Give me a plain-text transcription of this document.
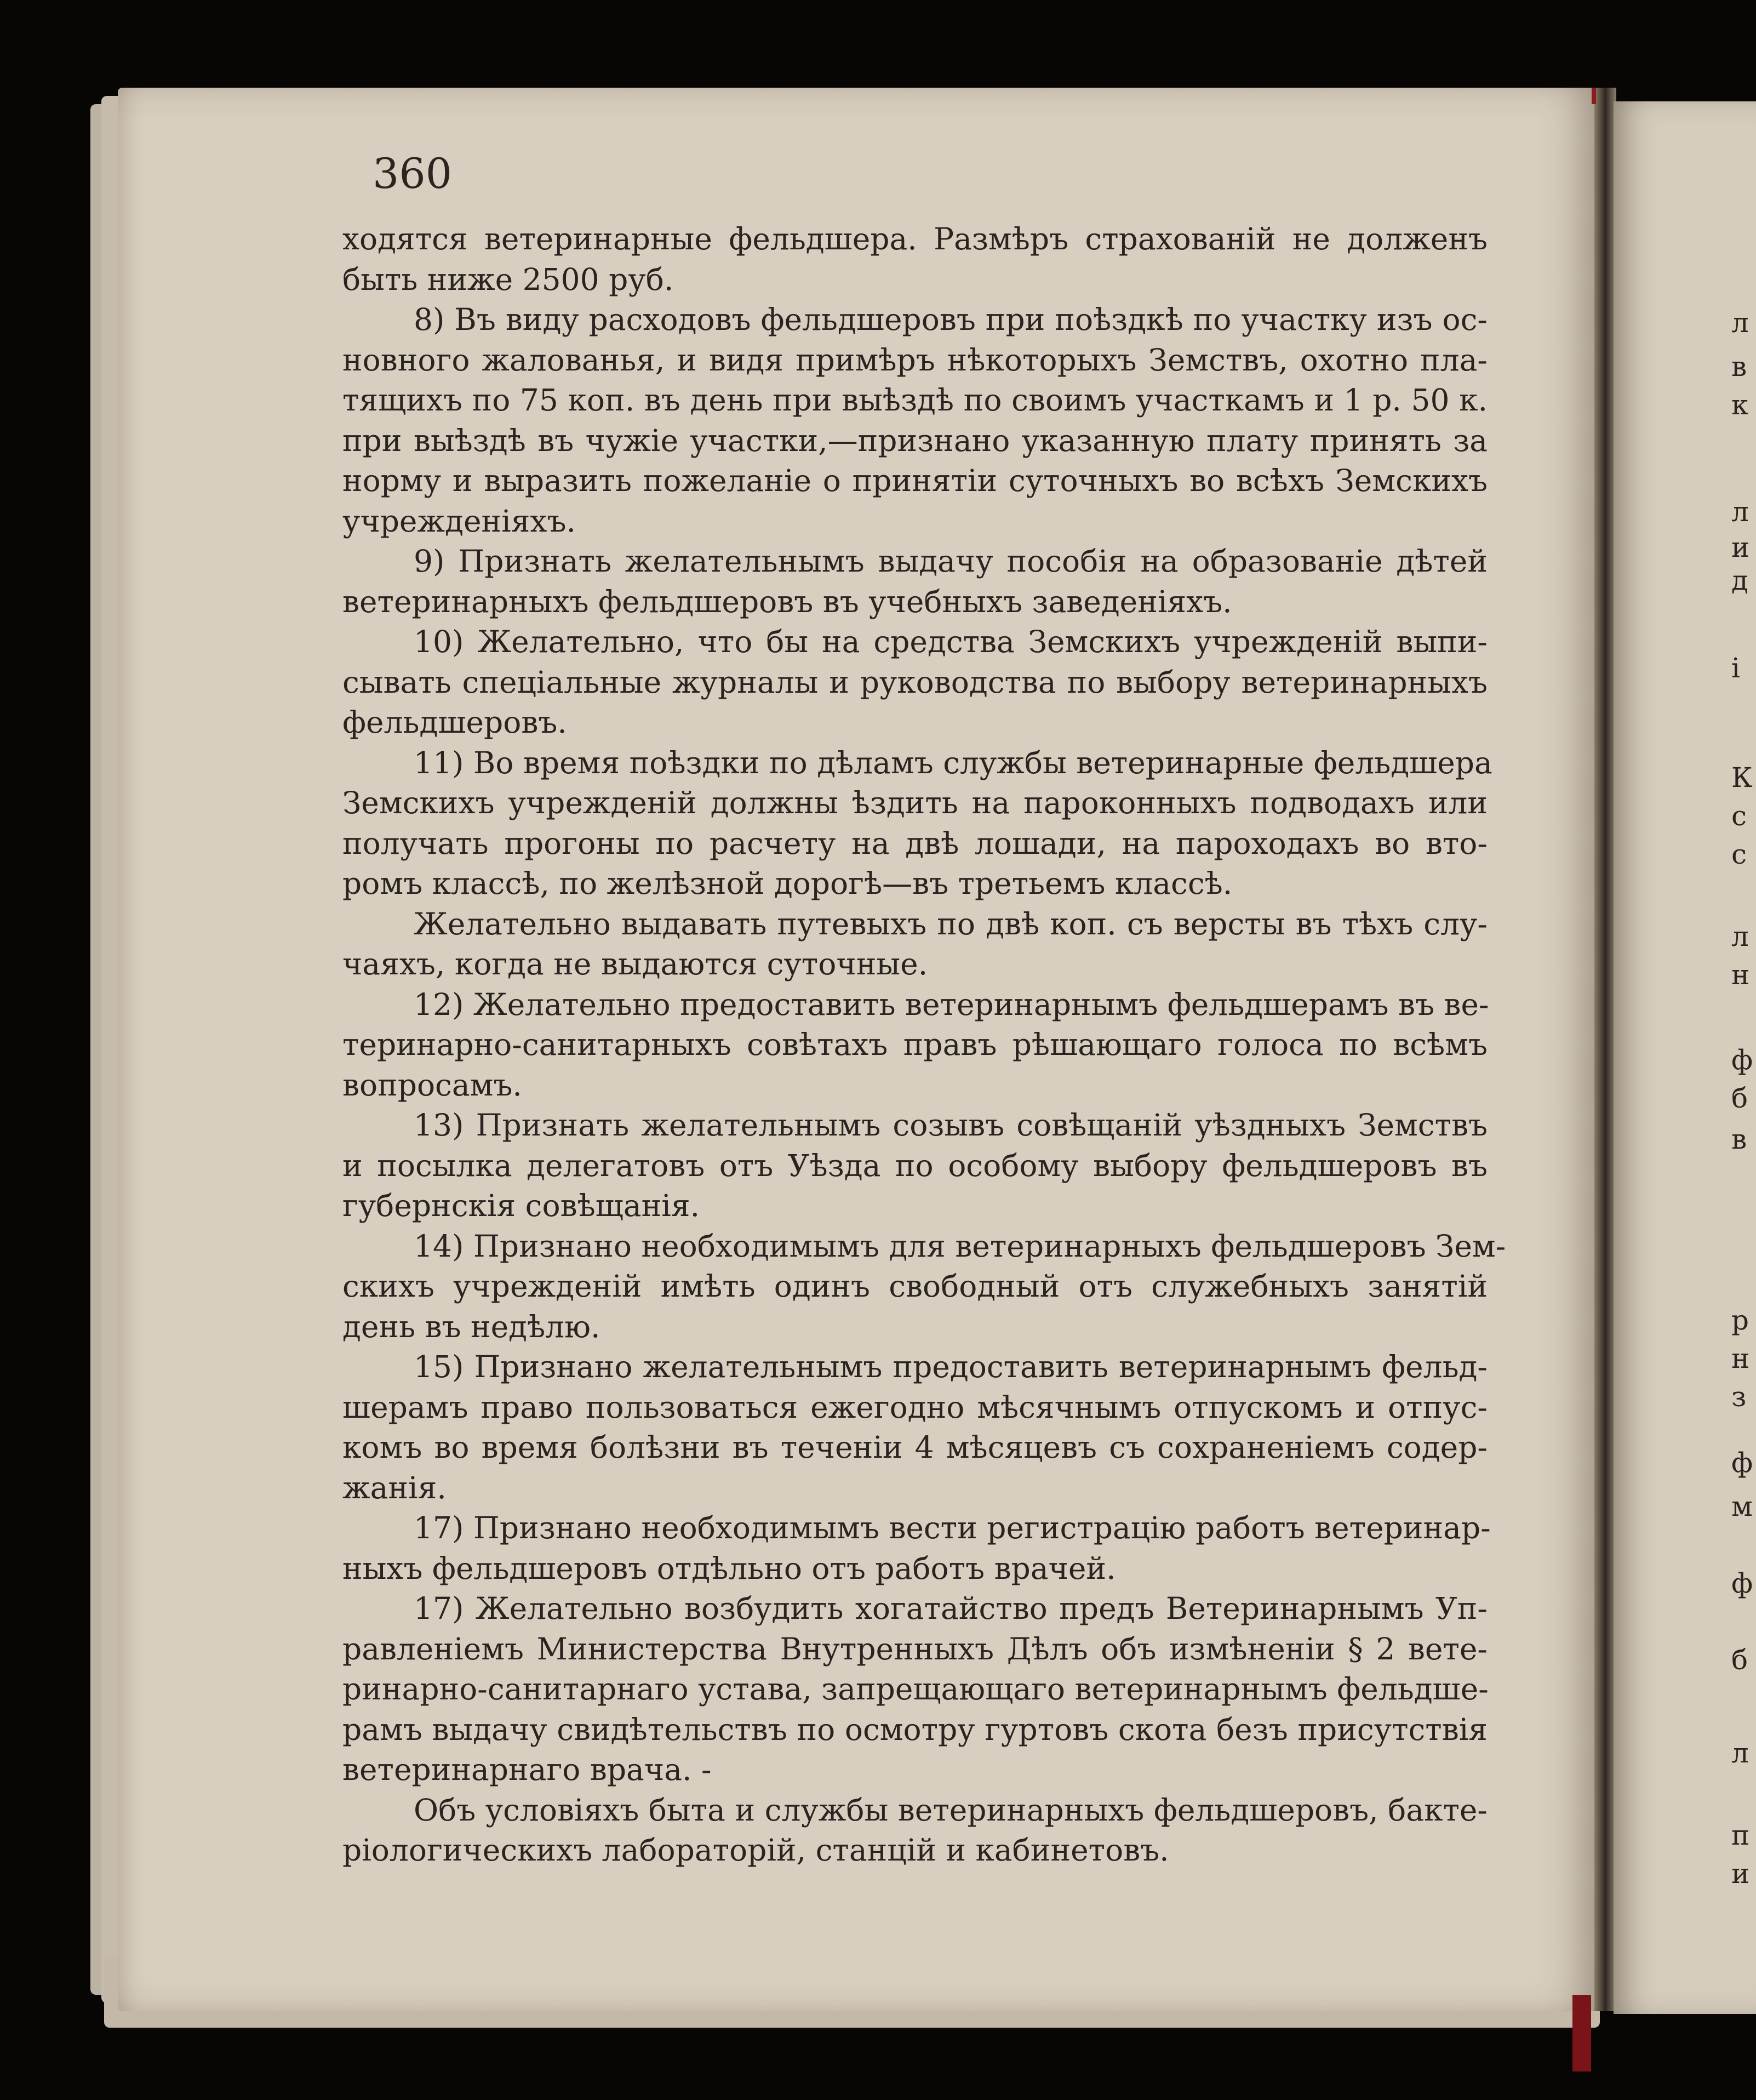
360
ходятся ветеринарные фельдшера. Размѣръ страхованій не долженъ
быть ниже 2500 руб.
8) Въ виду расходовъ фельдшеровъ при поѣздкѣ по участку изъ ос-
новного жалованья, и видя примѣръ нѣкоторыхъ Земствъ, охотно пла-
тящихъ по 75 коп. въ день при выѣздѣ по своимъ участкамъ и 1 р. 50 к.
при выѣздѣ въ чужіе участки,—признано указанную плату принять за
норму и выразить пожеланіе о принятіи суточныхъ во всѣхъ Земскихъ
учрежденіяхъ.
9) Признать желательнымъ выдачу пособія на образованіе дѣтей
ветеринарныхъ фельдшеровъ въ учебныхъ заведеніяхъ.
10) Желательно, что бы на средства Земскихъ учрежденій выпи-
сывать спеціальные журналы и руководства по выбору ветеринарныхъ
фельдшеровъ.
11) Во время поѣздки по дѣламъ службы ветеринарные фельдшера
Земскихъ учрежденій должны ѣздить на пароконныхъ подводахъ или
получать прогоны по расчету на двѣ лошади, на пароходахъ во вто-
ромъ классѣ, по желѣзной дорогѣ—въ третьемъ классѣ.
Желательно выдавать путевыхъ по двѣ коп. съ версты въ тѣхъ слу-
чаяхъ, когда не выдаются суточные.
12) Желательно предоставить ветеринарнымъ фельдшерамъ въ ве-
теринарно-санитарныхъ совѣтахъ правъ рѣшающаго голоса по всѣмъ
вопросамъ.
13) Признать желательнымъ созывъ совѣщаній уѣздныхъ Земствъ
и посылка делегатовъ отъ Уѣзда по особому выбору фельдшеровъ въ
губернскія совѣщанія.
14) Признано необходимымъ для ветеринарныхъ фельдшеровъ Зем-
скихъ учрежденій имѣть одинъ свободный отъ служебныхъ занятій
день въ недѣлю.
15) Признано желательнымъ предоставить ветеринарнымъ фельд-
шерамъ право пользоваться ежегодно мѣсячнымъ отпускомъ и отпус-
комъ во время болѣзни въ теченіи 4 мѣсяцевъ съ сохраненіемъ содер-
жанія.
17) Признано необходимымъ вести регистрацію работъ ветеринар-
ныхъ фельдшеровъ отдѣльно отъ работъ врачей.
17) Желательно возбудить хогатайство предъ Ветеринарнымъ Уп-
равленіемъ Министерства Внутренныхъ Дѣлъ объ измѣненіи § 2 вете-
ринарно-санитарнаго устава, запрещающаго ветеринарнымъ фельдше-
рамъ выдачу свидѣтельствъ по осмотру гуртовъ скота безъ присутствія
ветеринарнаго врача. -
Объ условіяхъ быта и службы ветеринарныхъ фельдшеровъ, бакте-
ріологическихъ лабораторій, станцій и кабинетовъ.
л
в
к
л
и
д
і
К
с
с
л
н
ф
б
в
р
н
з
ф
м
ф
б
л
п
и
